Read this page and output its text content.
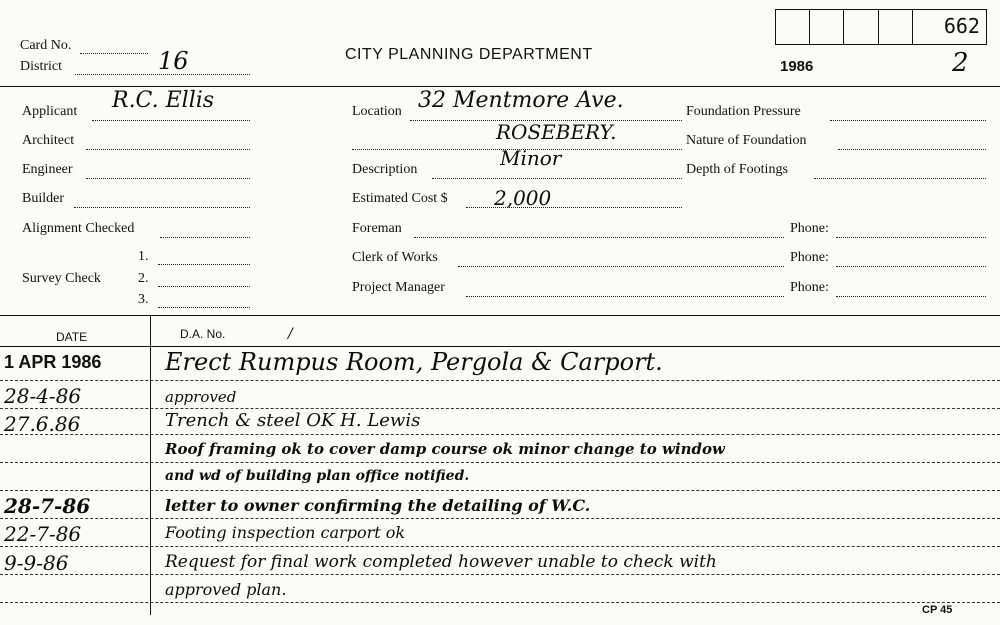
Card No.
District	16	CITY PLANNING DEPARTMENT
1986
662
2
Applicant R.C. Ellis
Architect
Engineer
Builder
Alignment Checked
Survey Check
1.
2.
3.
Location 32 Mentmore Ave.
ROSEBERY.
Description	Minor
Estimated Cost $ 2,000
Foreman	Phone:
Clerk of Works	Phone:
Project Manager	Phone:
Foundation Pressure
Nature of Foundation
Depth of Footings
DATE	D.A. No.	/
1 APR 1986	Erect Rumpus Room, Pergola & Carport.
28-4-86	approved
27.6.86	Trench & steel OK H. Lewis
Roof framing ok to cover damp course ok minor change to window
and wd of building plan office notified.
28-7-86	letter to owner confirming the detailing of W.C.
22-7-86	Footing inspection carport ok
9-9-86	Request for final work completed however unable to check with
approved plan.
CP 45
